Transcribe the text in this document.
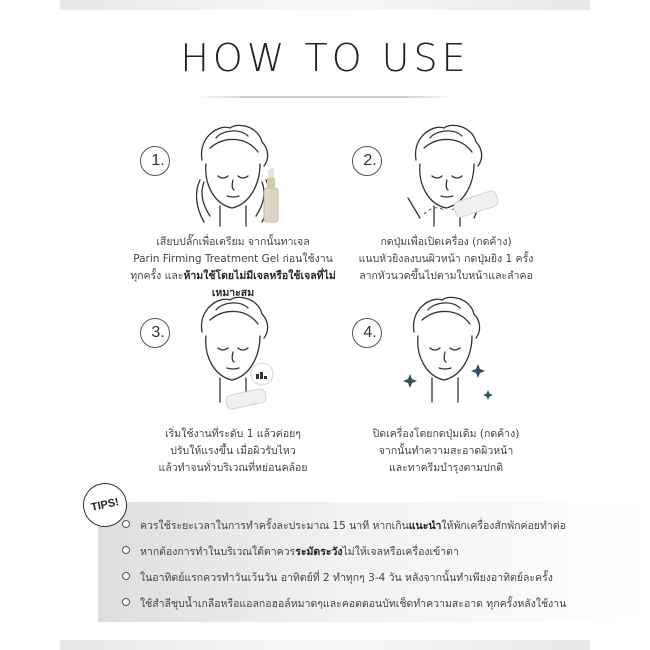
HOW TO USE
1.
เสียบปลั๊กเพื่อเตรียม จากนั้นทาเจล
Parin Firming Treatment Gel ก่อนใช้งาน
ทุกครั้ง และห้ามใช้โดยไม่มีเจลหรือใช้เจลที่ไม่เหมาะสม
2.
กดปุ่มเพื่อเปิดเครื่อง (กดค้าง)
แนบหัวยิงลงบนผิวหน้า กดปุ่มยิง 1 ครั้ง
ลากหัวนวดขึ้นไปตามใบหน้าและลำคอ
3.
เริ่มใช้งานที่ระดับ 1 แล้วค่อยๆ
ปรับให้แรงขึ้น เมื่อผิวรับไหว
แล้วทำจนทั่วบริเวณที่หย่อนคล้อย
4.
ปิดเครื่องโดยกดปุ่มเดิม (กดค้าง)
จากนั้นทำความสะอาดผิวหน้า
และทาครีมบำรุงตามปกติ
TIPS!
ควรใช้ระยะเวลาในการทำครั้งละประมาณ 15 นาที หากเกินแนะนำให้พักเครื่องสักพักค่อยทำต่อ
หากต้องการทำในบริเวณใต้ตาควรระมัดระวังไม่ให้เจลหรือเครื่องเข้าตา
ในอาทิตย์แรกควรทำวันเว้นวัน อาทิตย์ที่ 2 ทำทุกๆ 3-4 วัน หลังจากนั้นทำเพียงอาทิตย์ละครั้ง
ใช้สำลีชุบน้ำเกลือหรือแอลกอฮอล์หมาดๆและคอตตอนบัทเช็ดทำความสะอาด ทุกครั้งหลังใช้งาน
